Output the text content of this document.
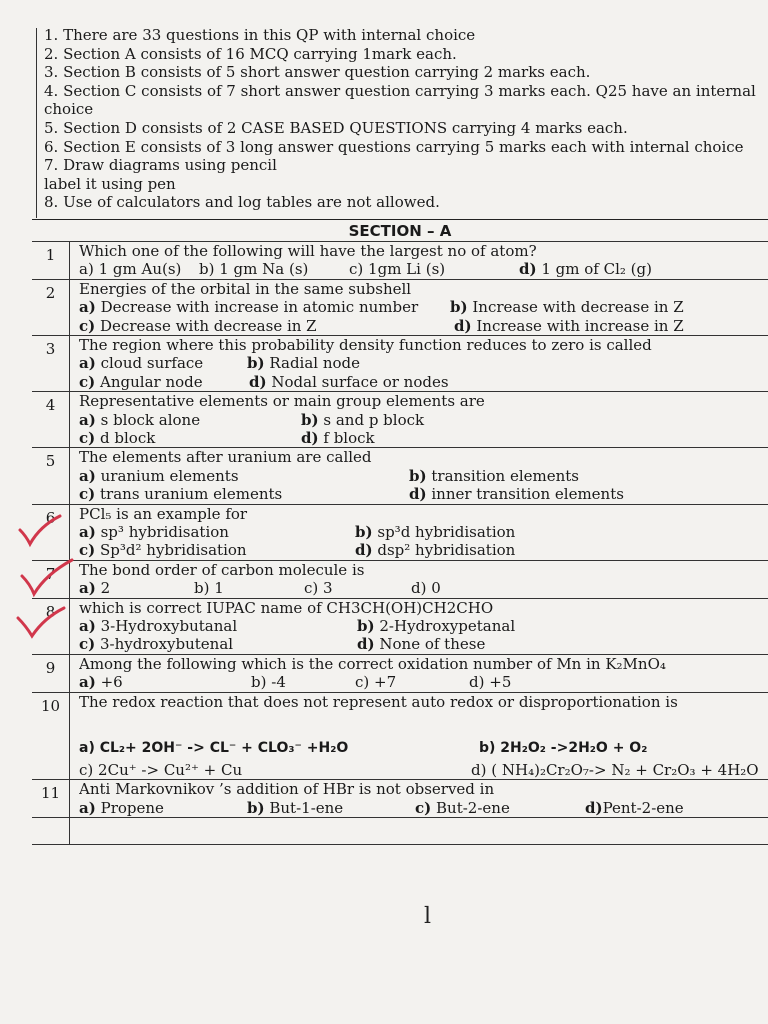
1. There are 33 questions in this QP with internal choice
2. Section A consists of 16 MCQ carrying 1mark each.
3. Section B consists of 5 short answer question carrying 2 marks each.
4. Section C consists of 7 short answer question carrying 3 marks each. Q25 have an internal
choice
5. Section D consists of 2 CASE BASED QUESTIONS carrying 4 marks each.
6. Section E consists of 3 long answer questions carrying 5 marks each with internal choice
7. Draw diagrams using pencil
label it using pen
8. Use of calculators and log tables are not allowed.
SECTION – A
1	Which one of the following will have the largest no of atom?
a) 1 gm Au(s) b) 1 gm Na (s)	c) 1gm Li (s)	d) 1 gm of Cl₂ (g)
2	Energies of the orbital in the same subshell
a) Decrease with increase in atomic number b) Increase with decrease in Z
c) Decrease with decrease in Z	d) Increase with increase in Z
3	The region where this probability density function reduces to zero is called
a) cloud surface	b) Radial node
c) Angular node	d) Nodal surface or nodes
4	Representative elements or main group elements are
a) s block alone	b) s and p block
c) d block	d) f block
5	The elements after uranium are called
a) uranium elements	b) transition elements
c) trans uranium elements	d) inner transition elements
6	PCl₅ is an example for
a) sp³ hybridisation	b) sp³d hybridisation
c) Sp³d² hybridisation	d) dsp² hybridisation
7	The bond order of carbon molecule is
a) 2	b) 1	c) 3	d) 0
8	which is correct IUPAC name of CH3CH(OH)CH2CHO
a) 3-Hydroxybutanal	b) 2-Hydroxypetanal
c) 3-hydroxybutenal	d) None of these
9	Among the following which is the correct oxidation number of Mn in K₂MnO₄
a) +6	b) -4	c) +7	d) +5
10	The redox reaction that does not represent auto redox or disproportionation is
a) CL₂+ 2OH⁻ -> CL⁻ + CLO₃⁻ +H₂O	b) 2H₂O₂ ->2H₂O + O₂
c) 2Cu⁺ -> Cu²⁺ + Cu	d) ( NH₄)₂Cr₂O₇-> N₂ + Cr₂O₃ + 4H₂O
11	Anti Markovnikov ’s addition of HBr is not observed in
a) Propene	b) But-1-ene	c) But-2-ene	d)Pent-2-ene
l
